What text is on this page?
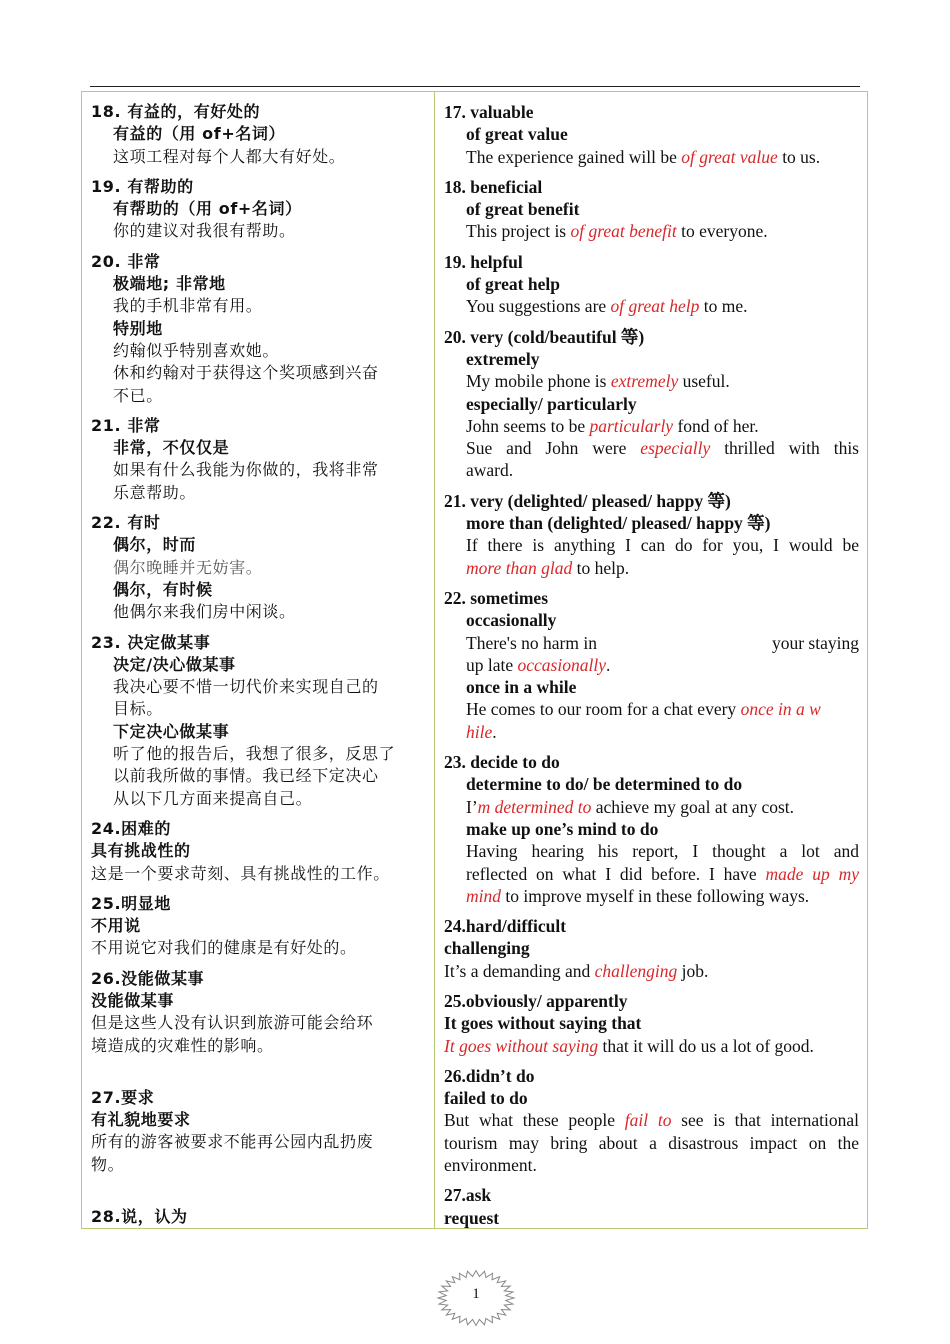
18. 有益的，有好处的
有益的（用 of+名词）
这项工程对每个人都大有好处。
19. 有帮助的
有帮助的（用 of+名词）
你的建议对我很有帮助。
20. 非常
极端地; 非常地
我的手机非常有用。
特别地
约翰似乎特别喜欢她。
休和约翰对于获得这个奖项感到兴奋
不已。
21. 非常
非常，不仅仅是
如果有什么我能为你做的，我将非常
乐意帮助。
22. 有时
偶尔，时而
偶尔晚睡并无妨害。
偶尔，有时候
他偶尔来我们房中闲谈。
23. 决定做某事
决定/决心做某事
我决心要不惜一切代价来实现自己的
目标。
下定决心做某事
听了他的报告后，我想了很多，反思了
以前我所做的事情。我已经下定决心
从以下几方面来提高自己。
24.困难的
具有挑战性的
这是一个要求苛刻、具有挑战性的工作。
25.明显地
不用说
不用说它对我们的健康是有好处的。
26.没能做某事
没能做某事
但是这些人没有认识到旅游可能会给环
境造成的灾难性的影响。
27.要求
有礼貌地要求
所有的游客被要求不能再公园内乱扔废
物。
28.说，认为
17. valuable
of great value
The experience gained will be of great value to us.
18. beneficial
of great benefit
This project is of great benefit to everyone.
19. helpful
of great help
You suggestions are of great help to me.
20. very (cold/beautiful 等)
extremely
My mobile phone is extremely useful.
especially/ particularly
John seems to be particularly fond of her.
Sue and John were especially thrilled with this
award.
21. very (delighted/ pleased/ happy 等)
more than (delighted/ pleased/ happy 等)
If there is anything I can do for you, I would be
more than glad to help.
22. sometimes
occasionally
There's no harm in	your staying
up late occasionally.
once in a while
He comes to our room for a chat every once in a w
hile.
23. decide to do
determine to do/ be determined to do
I’m determined to achieve my goal at any cost.
make up one’s mind to do
Having hearing his report, I thought a lot and
reflected on what I did before. I have made up my
mind to improve myself in these following ways.
24.hard/difficult
challenging
It’s a demanding and challenging job.
25.obviously/ apparently
It goes without saying that
It goes without saying that it will do us a lot of good.
26.didn’t do
failed to do
But what these people fail to see is that international
tourism may bring about a disastrous impact on the
environment.
27.ask
request
1
